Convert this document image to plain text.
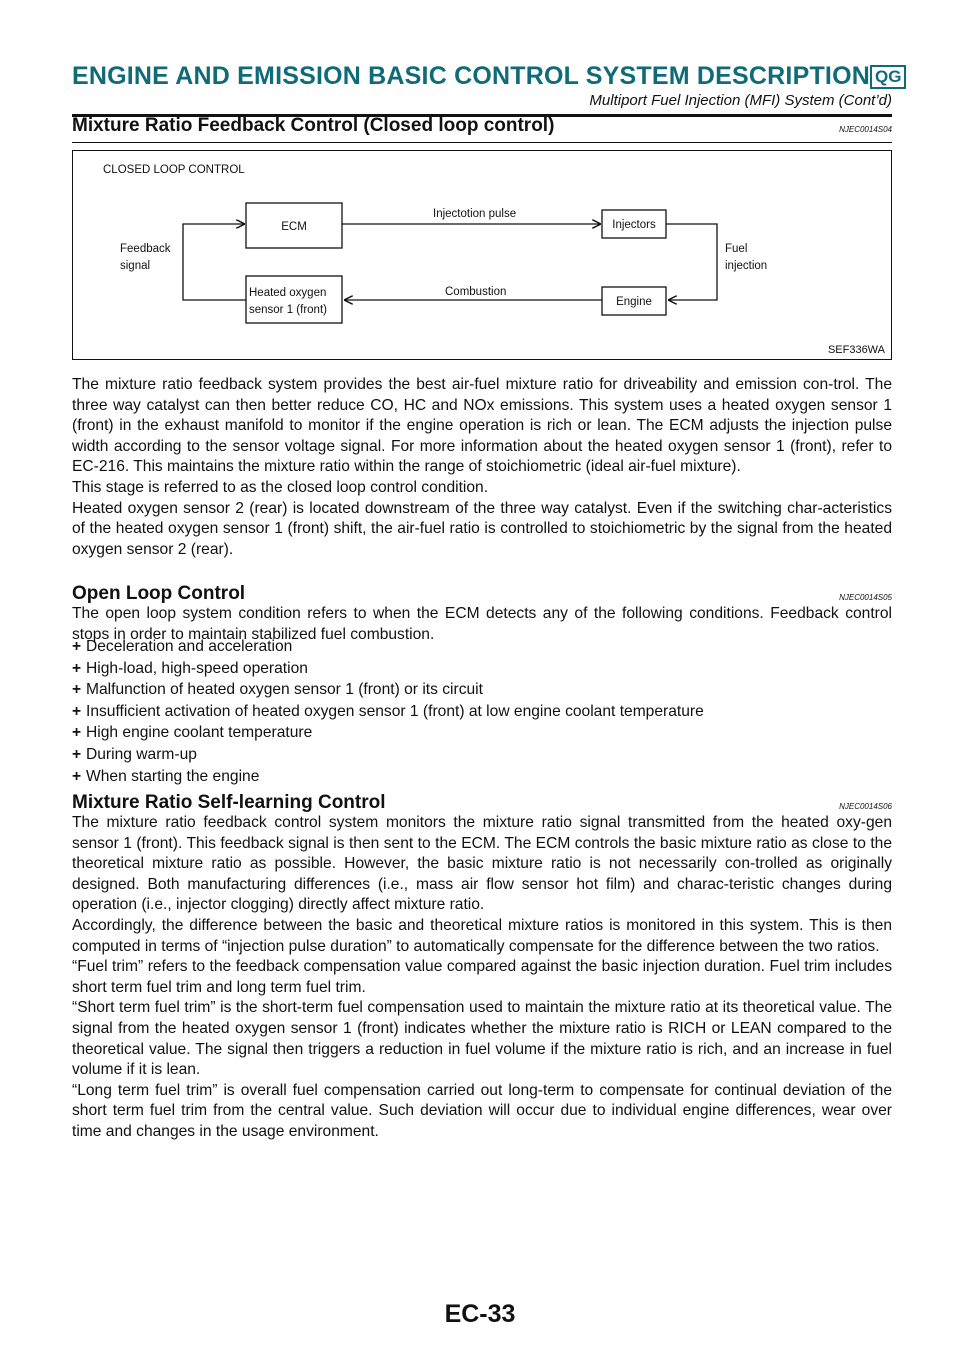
ENGINE AND EMISSION BASIC CONTROL SYSTEM DESCRIPTION QG
Multiport Fuel Injection (MFI) System (Cont’d)
Mixture Ratio Feedback Control (Closed loop control)	NJEC0014S04
CLOSED LOOP CONTROL
ECM	Injectors
Heated oxygen
sensor 1 (front)
Engine
Injectotion pulse
Fuel
injection
Combustion
Feedback
signal
SEF336WA

The mixture ratio feedback system provides the best air-fuel mixture ratio for driveability and emission con-trol. The three way catalyst can then better reduce CO, HC and NOx emissions. This system uses a heated oxygen sensor 1 (front) in the exhaust manifold to monitor if the engine operation is rich or lean. The ECM adjusts the injection pulse width according to the sensor voltage signal. For more information about the heated oxygen sensor 1 (front), refer to EC-216. This maintains the mixture ratio within the range of stoichiometric (ideal air-fuel mixture).

This stage is referred to as the closed loop control condition.

Heated oxygen sensor 2 (rear) is located downstream of the three way catalyst. Even if the switching char-acteristics of the heated oxygen sensor 1 (front) shift, the air-fuel ratio is controlled to stoichiometric by the signal from the heated oxygen sensor 2 (rear).

Open Loop Control	NJEC0014S05

The open loop system condition refers to when the ECM detects any of the following conditions. Feedback control stops in order to maintain stabilized fuel combustion.

+ Deceleration and acceleration
+ High-load, high-speed operation
+ Malfunction of heated oxygen sensor 1 (front) or its circuit
+ Insufficient activation of heated oxygen sensor 1 (front) at low engine coolant temperature
+ High engine coolant temperature
+ During warm-up
+ When starting the engine
Mixture Ratio Self-learning Control	NJEC0014S06

The mixture ratio feedback control system monitors the mixture ratio signal transmitted from the heated oxy-gen sensor 1 (front). This feedback signal is then sent to the ECM. The ECM controls the basic mixture ratio as close to the theoretical mixture ratio as possible. However, the basic mixture ratio is not necessarily con-trolled as originally designed. Both manufacturing differences (i.e., mass air flow sensor hot film) and charac-teristic changes during operation (i.e., injector clogging) directly affect mixture ratio.

Accordingly, the difference between the basic and theoretical mixture ratios is monitored in this system. This is then computed in terms of “injection pulse duration” to automatically compensate for the difference between the two ratios.

“Fuel trim” refers to the feedback compensation value compared against the basic injection duration. Fuel trim includes short term fuel trim and long term fuel trim.

“Short term fuel trim” is the short-term fuel compensation used to maintain the mixture ratio at its theoretical value. The signal from the heated oxygen sensor 1 (front) indicates whether the mixture ratio is RICH or LEAN compared to the theoretical value. The signal then triggers a reduction in fuel volume if the mixture ratio is rich, and an increase in fuel volume if it is lean.

“Long term fuel trim” is overall fuel compensation carried out long-term to compensate for continual deviation of the short term fuel trim from the central value. Such deviation will occur due to individual engine differences, wear over time and changes in the usage environment.

EC-33
